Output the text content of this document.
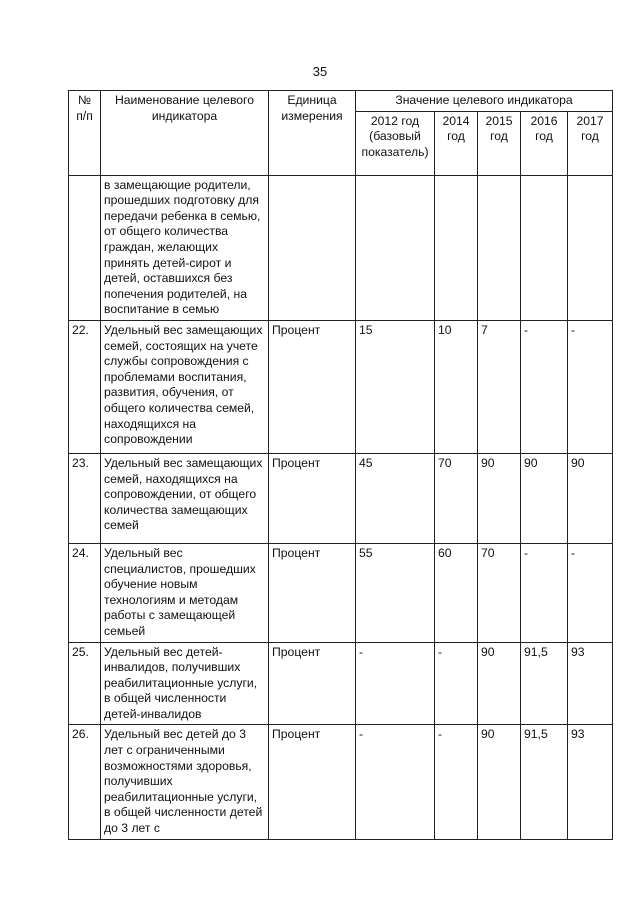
35
№ п/п	Наименование целевого индикатора	Единица измерения	Значение целевого индикатора				
			2012 год (базовый показатель)	2014 год	2015 год	2016 год	2017 год
	в замещающие родители, прошедших подготовку для передачи ребенка в семью, от общего количества граждан, желающих принять детей-сирот и детей, оставшихся без попечения родителей, на воспитание в семью						
22.	Удельный вес замещающих семей, состоящих на учете службы сопровождения с проблемами воспитания, развития, обучения, от общего количества семей, находящихся на сопровождении	Процент	15	10	7	-	-
23.	Удельный вес замещающих семей, находящихся на сопровождении, от общего количества замещающих семей	Процент	45	70	90	90	90
24.	Удельный вес специалистов, прошедших обучение новым технологиям и методам работы с замещающей семьей	Процент	55	60	70	-	-
25.	Удельный вес детей-инвалидов, получивших реабилитационные услуги, в общей численности детей-инвалидов	Процент	-	-	90	91,5	93
26.	Удельный вес детей до 3 лет с ограниченными возможностями здоровья, получивших реабилитационные услуги, в общей численности детей до 3 лет с	Процент	-	-	90	91,5	93
